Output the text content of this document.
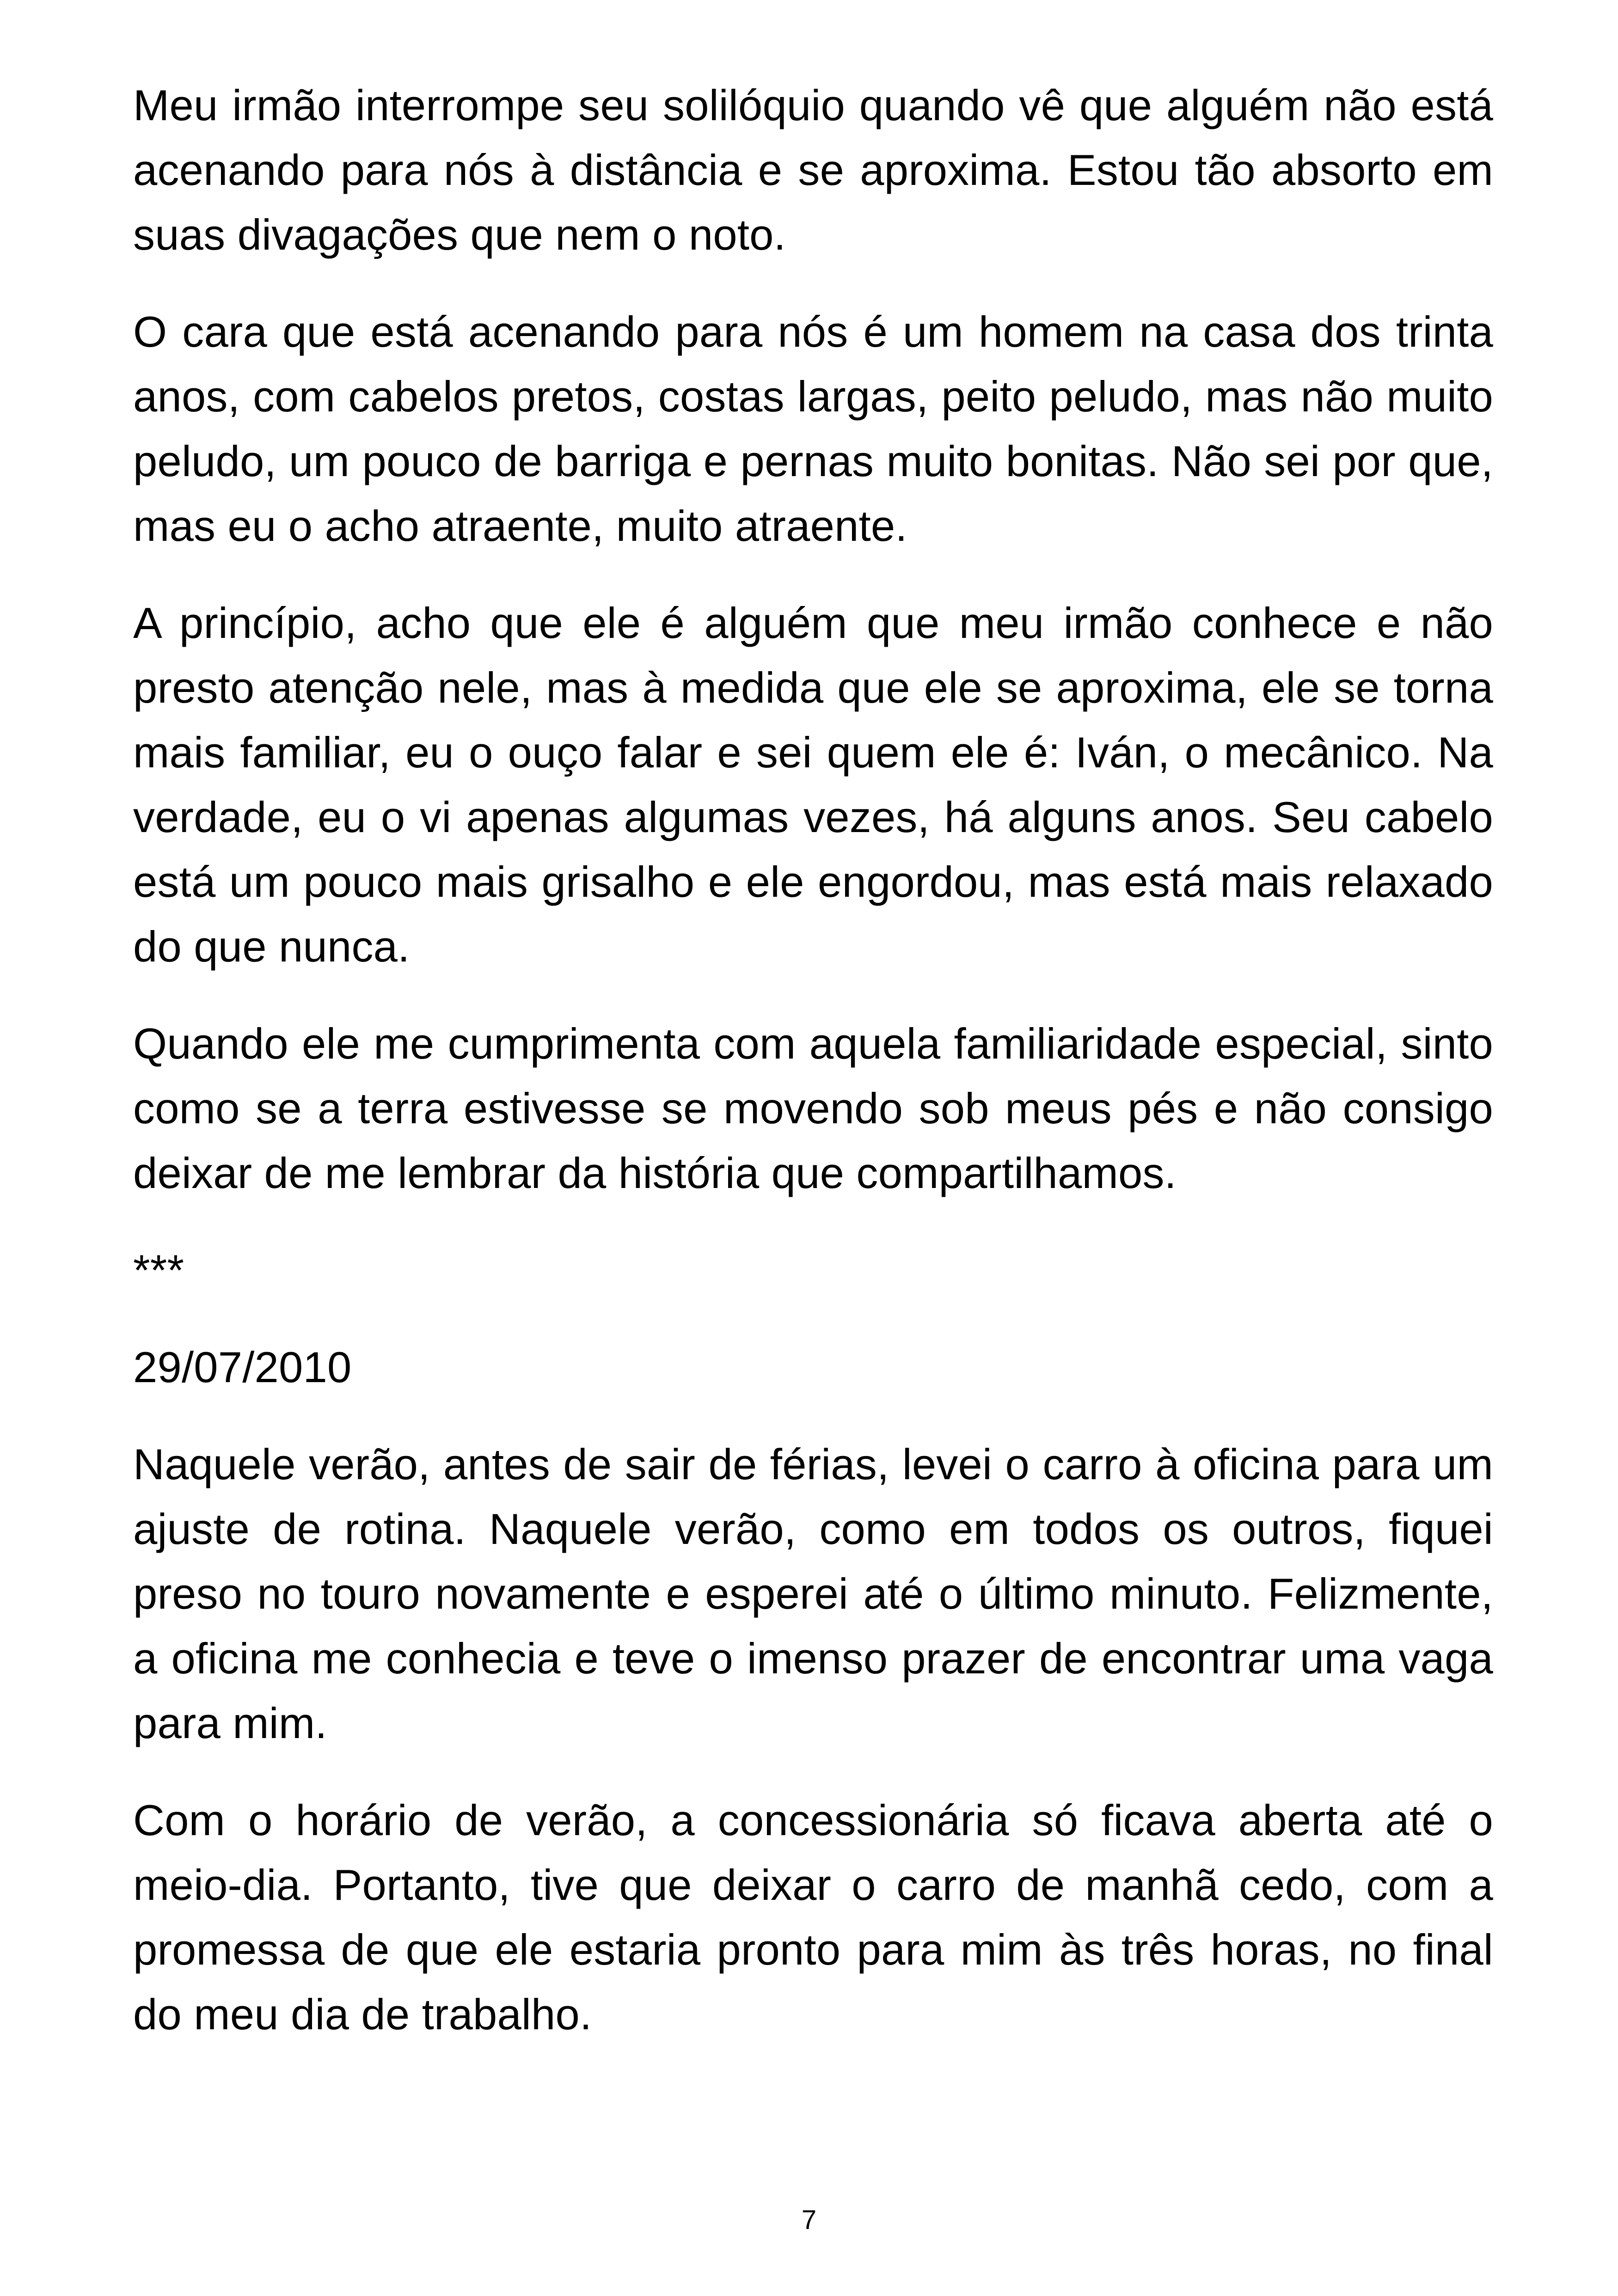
Meu irmão interrompe seu solilóquio quando vê que alguém não está acenando para nós à distância e se aproxima. Estou tão absorto em suas divagações que nem o noto.

O cara que está acenando para nós é um homem na casa dos trinta anos, com cabelos pretos, costas largas, peito peludo, mas não muito peludo, um pouco de barriga e pernas muito bonitas. Não sei por que, mas eu o acho atraente, muito atraente.

A princípio, acho que ele é alguém que meu irmão conhece e não presto atenção nele, mas à medida que ele se aproxima, ele se torna mais familiar, eu o ouço falar e sei quem ele é: Iván, o mecânico. Na verdade, eu o vi apenas algumas vezes, há alguns anos. Seu cabelo está um pouco mais grisalho e ele engordou, mas está mais relaxado do que nunca.

Quando ele me cumprimenta com aquela familiaridade especial, sinto como se a terra estivesse se movendo sob meus pés e não consigo deixar de me lembrar da história que compartilhamos.

***

29/07/2010

Naquele verão, antes de sair de férias, levei o carro à oficina para um ajuste de rotina. Naquele verão, como em todos os outros, fiquei preso no touro novamente e esperei até o último minuto. Felizmente, a oficina me conhecia e teve o imenso prazer de encontrar uma vaga para mim.

Com o horário de verão, a concessionária só ficava aberta até o meio-dia. Portanto, tive que deixar o carro de manhã cedo, com a promessa de que ele estaria pronto para mim às três horas, no final do meu dia de trabalho.

7
